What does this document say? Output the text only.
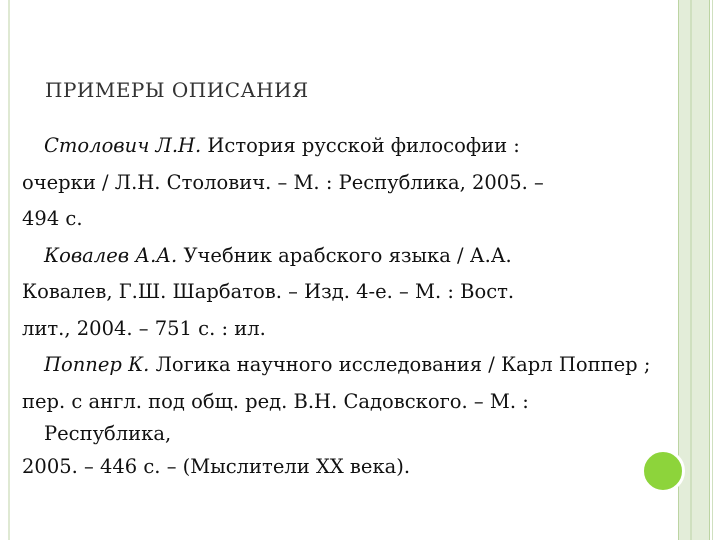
ПРИМЕРЫ ОПИСАНИЯ
Столович Л.Н. История русской философии :
очерки / Л.Н. Столович. – М. : Республика, 2005. –
494 с.
Ковалев А.А. Учебник арабского языка / А.А.
Ковалев, Г.Ш. Шарбатов. – Изд. 4-е. – М. : Вост.
лит., 2004. – 751 с. : ил.
Поппер К. Логика научного исследования / Карл Поппер ;
пер. с англ. под общ. ред. В.Н. Садовского. – М. :
Республика,
2005. – 446 с. – (Мыслители XX века).
